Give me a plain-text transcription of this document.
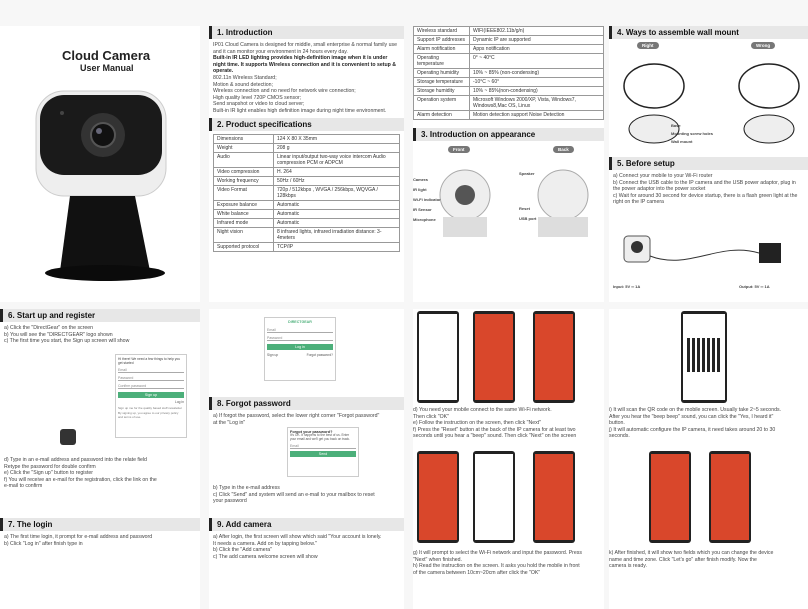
Cloud Camera
User Manual
1. Introduction

IP01 Cloud Camera is designed for middle, small enterprise & normal family use and it can monitor your environment in 24 hours every day.

Built-in IR LED lighting provides high-definition image when it is under night time. It supports Wireless connection and it is convenient to setup & operate.

802.11n Wireless Standard;
Motion & sound detection;
Wireless connection and no need for network wire connection;
High quality level 720P CMOS sensor;
Send snapshot or video to cloud server;
Built-in IR light enables high definition image during night time environment.
2. Product specifications
Dimensions	124 X 80 X 35mm
Weight	208 g
Audio	Linear input/output two-way voice intercom Audio compression PCM or ADPCM
Video compression	H. 264
Working frequency	50Hz / 60Hz
Video Format	720p / 512kbps , WVGA / 256kbps, WQVGA / 128kbps
Exposure balance	Automatic
White balance	Automatic
Infrared mode	Automatic
Night vision	8 infrared lights, infrared irradiation distance: 3-4meters
Supported protocol	TCP/IP
Wireless standard	WIFI(IEEE802.11b/g/n)
Support IP addresses	Dynamic IP are supported
Alarm notification	Apps notification
Operating temperature	0° ~ 40°C
Operating humidity	10% ~ 85% (non-condensing)
Storage temperature	-10°C ~ 60°
Storage humidity	10% ~ 85%(non-condensing)
Operation system	Microsoft Windows 2000/XP, Vista, Windows7, Windows8,Mac OS, Linux
Alarm detection	Motion detection support Noise Detection
3. Introduction on appearance
Front	Back
Camera
IR light
Wi-Fi indicator
IR Sensor
Microphone
Speaker
Reset
USB port
4. Ways to assemble wall mount
Right	Wrong
Base
Mounting screw holes
Wall mount
5. Before setup

a) Connect your mobile to your Wi-Fi router

b) Connect the USB cable to the IP camera and the USB power adaptor, plug in the power adaptor into the power socket

c) Wait for around 30 second for device startup, there is a flash green light at the right on the IP camera

Input: 5V ═ 1A	Output: 5V ═ 1A
6. Start up and register
a) Click the "DirectGear" on the screen
b) You will see the "DIRECTGEAR" logo shown
c) The first time you start, the Sign up screen will show
Hi there! We need a few things to help you get started
Email
Password
Confirm password
Sign up
Log in
Sign up me for the quality based stuff newsletter
By signing up, you agree to our privacy policy and terms of use.
d) Type in an e-mail address and password into the relate field
Retype the password for double confirm
e) Click the "Sign up" button to register
f) You will receive an e-mail for the registration, click the link on the
e-mail to confirm
7. The login
a) The first time login, it prompt for e-mail address and password
b) Click "Log in" after finish type in
DIRECTGEAR
Email
Password
Log in
Sign up	Forgot password?
8. Forgot password
a) If forgot the password, select the lower right corner "Forgot password"
at the "Log in"
Forgot your password?
It's OK. It happens to the best of us. Enter your email and we'll get you back on track.
Email
Send
b) Type in the e-mail address
c) Click "Send" and system will send an e-mail to your mailbox to reset
your password
9. Add camera
a) After login, the first screen will show which said "Your account is lonely.
It needs a camera. Add on by tapping below."
b) Click the "Add camera"
c) The add camera welcome screen will show
d) You need your mobile connect to the same Wi-Fi network.
Then click "OK"
e) Follow the instruction on the screen, then click "Next"
f) Press the "Reset" button at the back of the IP camera for at least two
seconds until you hear a "beep" sound. Then click "Next" on the screen
g) It will prompt to select the Wi-Fi network and input the password. Press
"Next" when finished.
h) Read the instruction on the screen. It asks you hold the mobile in front
of the camera between 10cm~20cm after click the "OK"
i) It will scan the QR code on the mobile screen. Usually take 2~5 seconds.
After you hear the "beep beep" sound, you can click the "Yes, I heard it"
button.
j) It will automatic configure the IP camera, it need takes around 20 to 30
seconds.
k) After finished, it will show two fields which you can change the device
name and time zone. Click "Let's go" after finish modify. Now the
camera is ready.
